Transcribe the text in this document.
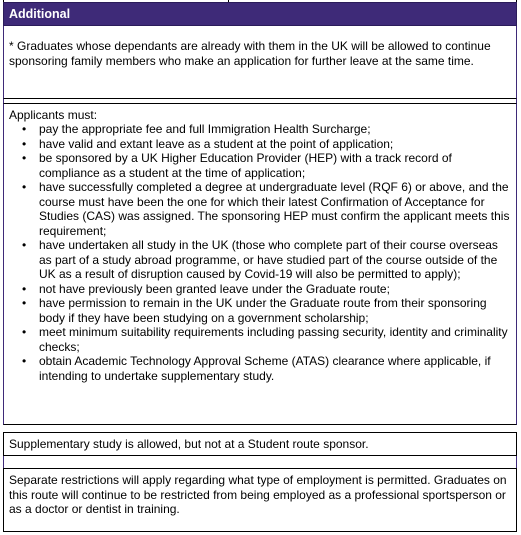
Additional

* Graduates whose dependants are already with them in the UK will be allowed to continue sponsoring family members who make an application for further leave at the same time.

Applicants must:

• pay the appropriate fee and full Immigration Health Surcharge;
• have valid and extant leave as a student at the point of application;
• be sponsored by a UK Higher Education Provider (HEP) with a track record of compliance as a student at the time of application;
• have successfully completed a degree at undergraduate level (RQF 6) or above, and the course must have been the one for which their latest Confirmation of Acceptance for Studies (CAS) was assigned. The sponsoring HEP must confirm the applicant meets this requirement;
• have undertaken all study in the UK (those who complete part of their course overseas as part of a study abroad programme, or have studied part of the course outside of the UK as a result of disruption caused by Covid-19 will also be permitted to apply);
• not have previously been granted leave under the Graduate route;
• have permission to remain in the UK under the Graduate route from their sponsoring body if they have been studying on a government scholarship;
• meet minimum suitability requirements including passing security, identity and criminality checks;
• obtain Academic Technology Approval Scheme (ATAS) clearance where applicable, if intending to undertake supplementary study.

Supplementary study is allowed, but not at a Student route sponsor.

Separate restrictions will apply regarding what type of employment is permitted. Graduates on this route will continue to be restricted from being employed as a professional sportsperson or as a doctor or dentist in training.
